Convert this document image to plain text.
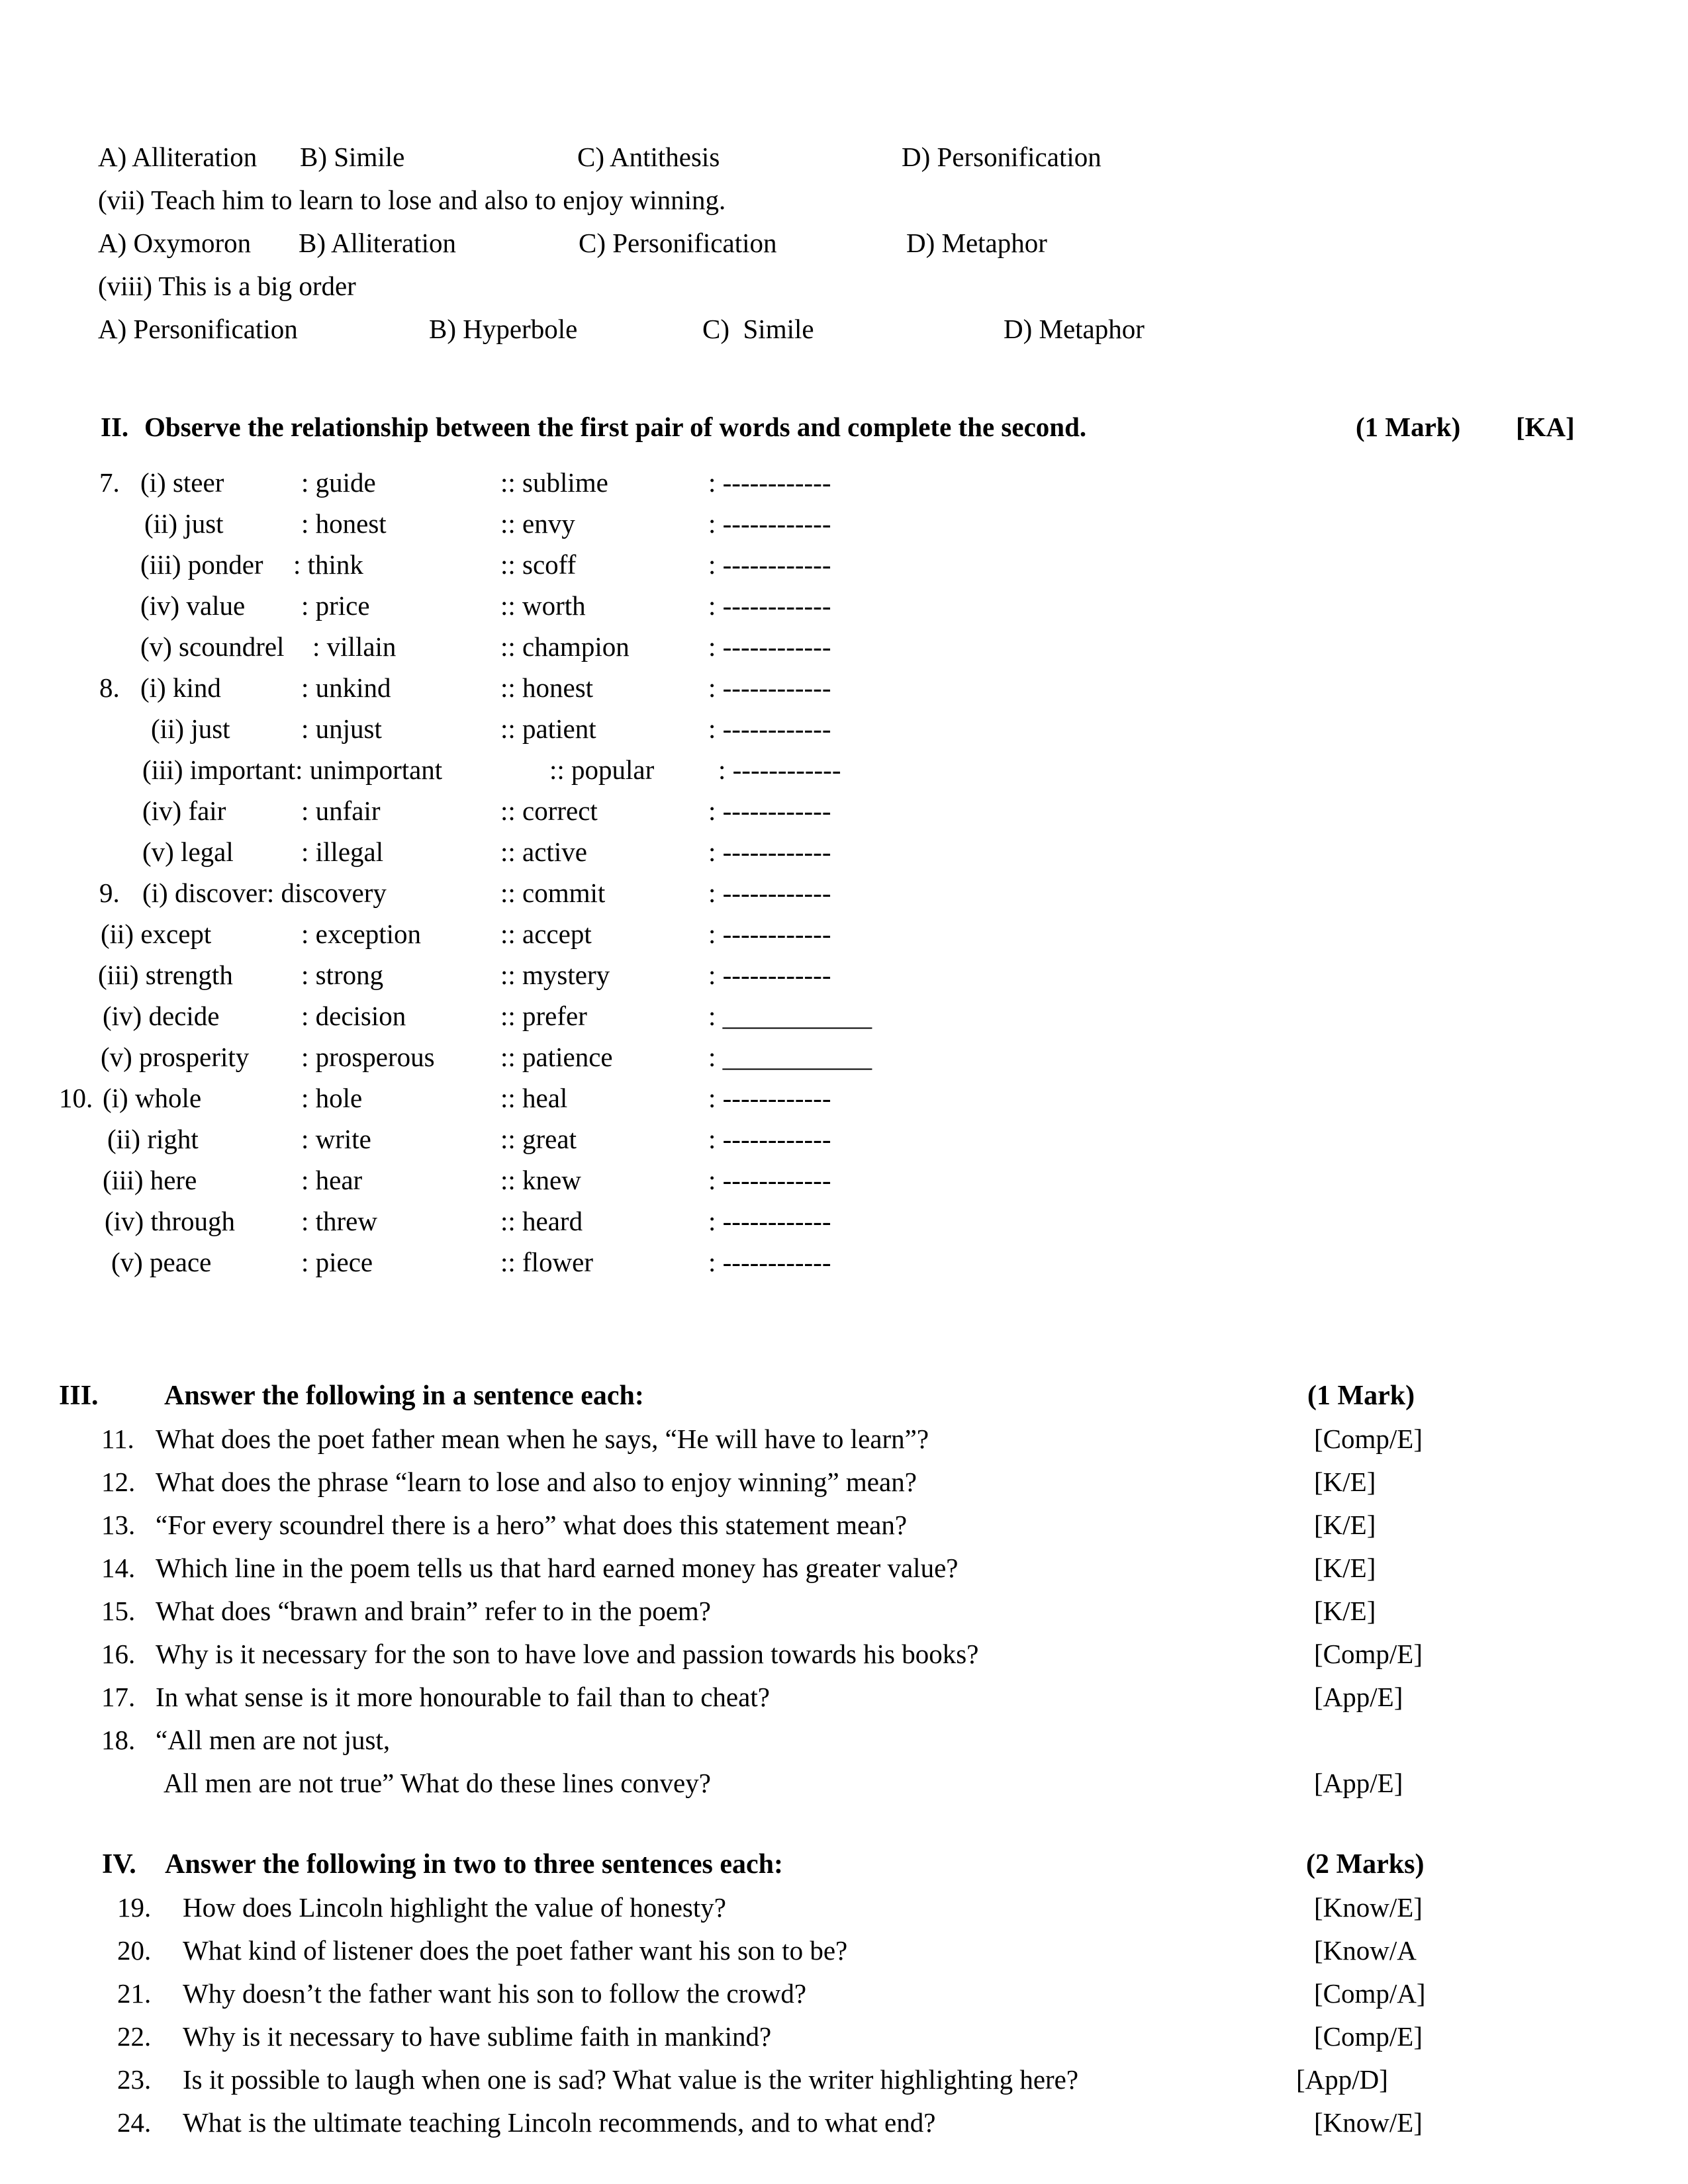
A) Alliteration B) Simile	C) Antithesis	D) Personification
(vii) Teach him to learn to lose and also to enjoy winning.
A) Oxymoron B) Alliteration	C) Personification	D) Metaphor
(viii) This is a big order
A) Personification	B) Hyperbole	C)  Simile	D) Metaphor
II. Observe the relationship between the first pair of words and complete the second.	(1 Mark) [KA]
7. (i) steer	: guide	:: sublime	: ------------
(ii) just	: honest	:: envy	: ------------
(iii) ponder : think	:: scoff	: ------------
(iv) value : price	:: worth	: ------------
(v) scoundrel : villain	:: champion	: ------------
8. (i) kind	: unkind	:: honest	: ------------
(ii) just	: unjust	:: patient	: ------------
(iii) important: unimportant	:: popular : ------------
(iv) fair	: unfair	:: correct	: ------------
(v) legal : illegal	:: active	: ------------
9. (i) discover: discovery	:: commit	: ------------
(ii) except	: exception	:: accept	: ------------
(iii) strength	: strong	:: mystery	: ------------
(iv) decide	: decision	:: prefer	: ___________
(v) prosperity : prosperous :: patience	: ___________
10. (i) whole	: hole	:: heal	: ------------
(ii) right	: write	:: great	: ------------
(iii) here	: hear	:: knew	: ------------
(iv) through : threw	:: heard	: ------------
(v) peace	: piece	:: flower	: ------------
III. Answer the following in a sentence each:	(1 Mark)
11. What does the poet father mean when he says, “He will have to learn”?	[Comp/E]
12. What does the phrase “learn to lose and also to enjoy winning” mean?	[K/E]
13. “For every scoundrel there is a hero” what does this statement mean?	[K/E]
14. Which line in the poem tells us that hard earned money has greater value?	[K/E]
15. What does “brawn and brain” refer to in the poem?	[K/E]
16. Why is it necessary for the son to have love and passion towards his books?	[Comp/E]
17. In what sense is it more honourable to fail than to cheat?	[App/E]
18. “All men are not just,
All men are not true” What do these lines convey?	[App/E]
IV. Answer the following in two to three sentences each:	(2 Marks)
19. How does Lincoln highlight the value of honesty?	[Know/E]
20. What kind of listener does the poet father want his son to be?	[Know/A
21. Why doesn’t the father want his son to follow the crowd?	[Comp/A]
22. Why is it necessary to have sublime faith in mankind?	[Comp/E]
23. Is it possible to laugh when one is sad? What value is the writer highlighting here?	[App/D]
24. What is the ultimate teaching Lincoln recommends, and to what end?	[Know/E]
